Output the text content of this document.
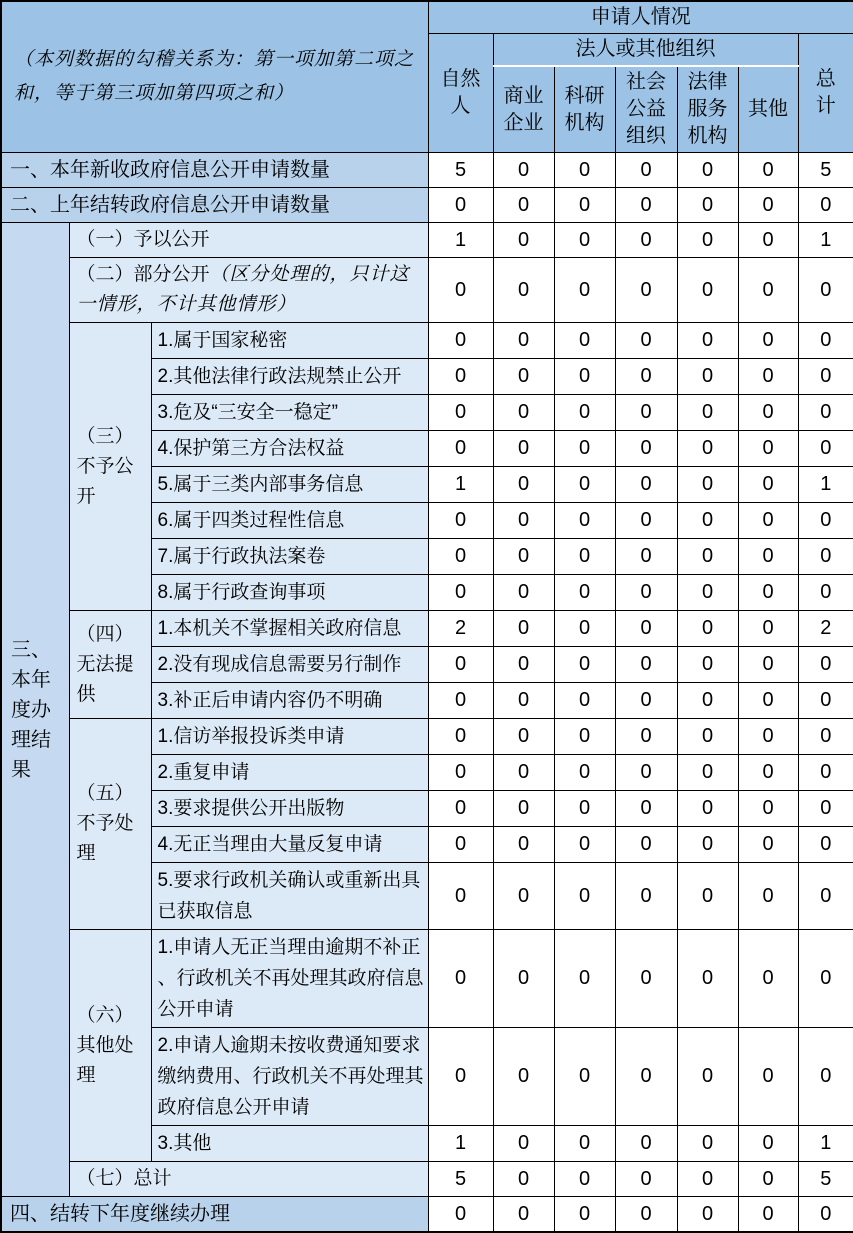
（本列数据的勾稽关系为：第一项加第二项之和，等于第三项加第四项之和）			申请人情况						
			自然人	法人或其他组织					总计
				商业企业	科研机构	社会公益组织	法律服务机构	其他	
一、本年新收政府信息公开申请数量			5	0	0	0	0	0	5
二、上年结转政府信息公开申请数量			0	0	0	0	0	0	0
三、本年度办理结果	（一）予以公开		1	0	0	0	0	0	1
	（二）部分公开（区分处理的，只计这一情形，不计其他情形）		0	0	0	0	0	0	0
	（三）不予公开	1.属于国家秘密	0	0	0	0	0	0	0
		2.其他法律行政法规禁止公开	0	0	0	0	0	0	0
		3.危及“三安全一稳定”	0	0	0	0	0	0	0
		4.保护第三方合法权益	0	0	0	0	0	0	0
		5.属于三类内部事务信息	1	0	0	0	0	0	1
		6.属于四类过程性信息	0	0	0	0	0	0	0
		7.属于行政执法案卷	0	0	0	0	0	0	0
		8.属于行政查询事项	0	0	0	0	0	0	0
	（四）无法提供	1.本机关不掌握相关政府信息	2	0	0	0	0	0	2
		2.没有现成信息需要另行制作	0	0	0	0	0	0	0
		3.补正后申请内容仍不明确	0	0	0	0	0	0	0
	（五）不予处理	1.信访举报投诉类申请	0	0	0	0	0	0	0
		2.重复申请	0	0	0	0	0	0	0
		3.要求提供公开出版物	0	0	0	0	0	0	0
		4.无正当理由大量反复申请	0	0	0	0	0	0	0
		5.要求行政机关确认或重新出具已获取信息	0	0	0	0	0	0	0
	（六）其他处理	1.申请人无正当理由逾期不补正、行政机关不再处理其政府信息公开申请	0	0	0	0	0	0	0
		2.申请人逾期未按收费通知要求缴纳费用、行政机关不再处理其政府信息公开申请	0	0	0	0	0	0	0
		3.其他	1	0	0	0	0	0	1
	（七）总计		5	0	0	0	0	0	5
四、结转下年度继续办理			0	0	0	0	0	0	0
